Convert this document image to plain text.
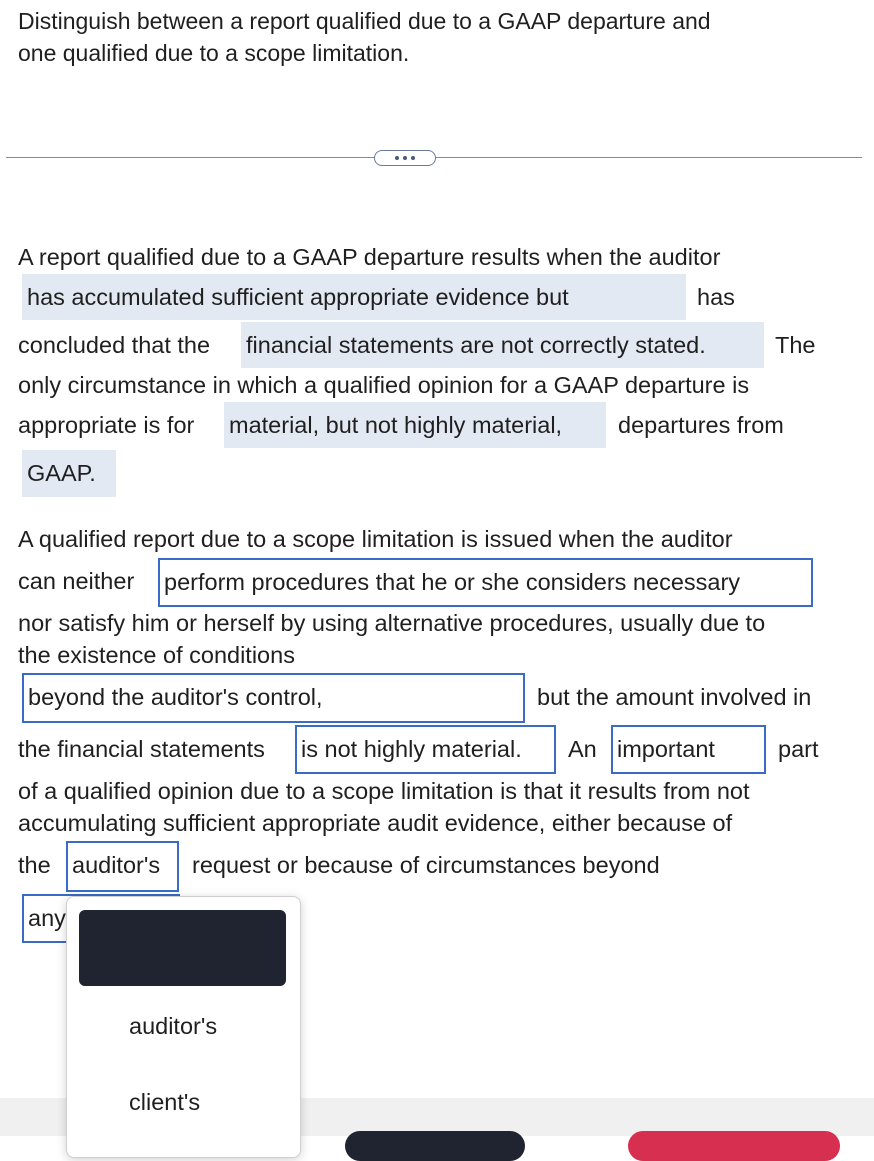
Distinguish between a report qualified due to a GAAP departure and
one qualified due to a scope limitation.
A report qualified due to a GAAP departure results when the auditor
has accumulated sufficient appropriate evidence but	has
concluded that the financial statements are not correctly stated.	The
only circumstance in which a qualified opinion for a GAAP departure is
appropriate is for material, but not highly material, departures from
GAAP.
A qualified report due to a scope limitation is issued when the auditor
can neither perform procedures that he or she considers necessary
nor satisfy him or herself by using alternative procedures, usually due to
the existence of conditions
beyond the auditor's control,	but the amount involved in
the financial statements is not highly material.	An important	part
of a qualified opinion due to a scope limitation is that it results from not
accumulating sufficient appropriate audit evidence, either because of
the auditor's	request or because of circumstances beyond
any
auditor's
client's
